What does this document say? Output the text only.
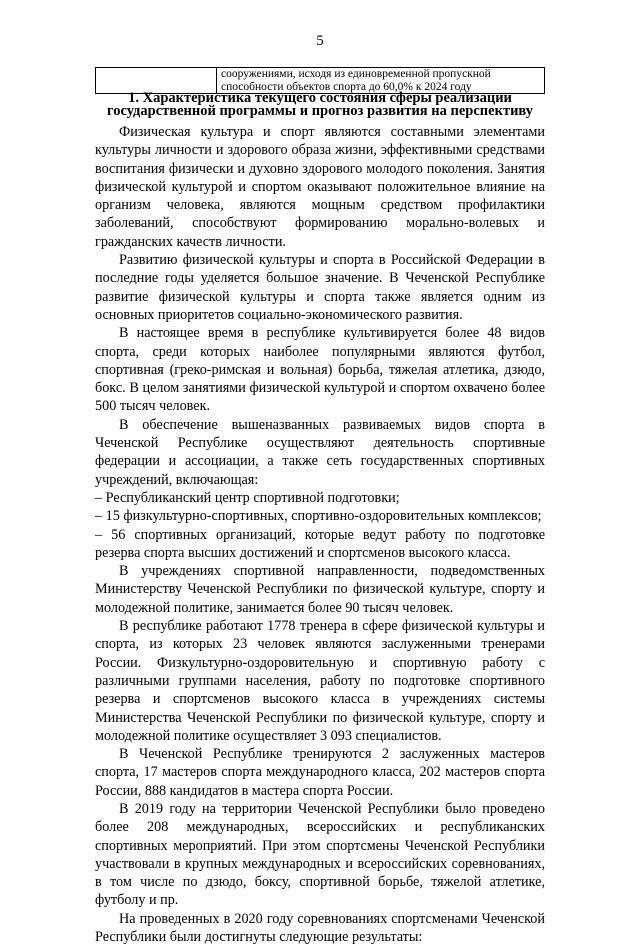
5

сооружениями, исходя из единовременной пропускной
способности объектов спорта до 60,0% к 2024 году
1. Характеристика текущего состояния сферы реализации
государственной программы и прогноз развития на перспективу

Физическая культура и спорт являются составными элементами культуры личности и здорового образа жизни, эффективными средствами воспитания физически и духовно здорового молодого поколения. Занятия физической культурой и спортом оказывают положительное влияние на организм человека, являются мощным средством профилактики заболеваний, способствуют формированию морально-волевых и гражданских качеств личности.

Развитию физической культуры и спорта в Российской Федерации в последние годы уделяется большое значение. В Чеченской Республике развитие физической культуры и спорта также является одним из основных приоритетов социально-экономического развития.

В настоящее время в республике культивируется более 48 видов спорта, среди которых наиболее популярными являются футбол, спортивная (греко-римская и вольная) борьба, тяжелая атлетика, дзюдо, бокс. В целом занятиями физической культурой и спортом охвачено более 500 тысяч человек.

В обеспечение вышеназванных развиваемых видов спорта в Чеченской Республике осуществляют деятельность спортивные федерации и ассоциации, а также сеть государственных спортивных учреждений, включающая:

– Республиканский центр спортивной подготовки;

– 15 физкультурно-спортивных, спортивно-оздоровительных комплексов;

– 56 спортивных организаций, которые ведут работу по подготовке резерва спорта высших достижений и спортсменов высокого класса.

В учреждениях спортивной направленности, подведомственных Министерству Чеченской Республики по физической культуре, спорту и молодежной политике, занимается более 90 тысяч человек.

В республике работают 1778 тренера в сфере физической культуры и спорта, из которых 23 человек являются заслуженными тренерами России. Физкультурно-оздоровительную и спортивную работу с различными группами населения, работу по подготовке спортивного резерва и спортсменов высокого класса в учреждениях системы Министерства Чеченской Республики по физической культуре, спорту и молодежной политике осуществляет 3 093 специалистов.

В Чеченской Республике тренируются 2 заслуженных мастеров спорта, 17 мастеров спорта международного класса, 202 мастеров спорта России, 888 кандидатов в мастера спорта России.

В 2019 году на территории Чеченской Республики было проведено более 208 международных, всероссийских и республиканских спортивных мероприятий. При этом спортсмены Чеченской Республики участвовали в крупных международных и всероссийских соревнованиях, в том числе по дзюдо, боксу, спортивной борьбе, тяжелой атлетике, футболу и пр.

На проведенных в 2020 году соревнованиях спортсменами Чеченской Республики были достигнуты следующие результаты:
